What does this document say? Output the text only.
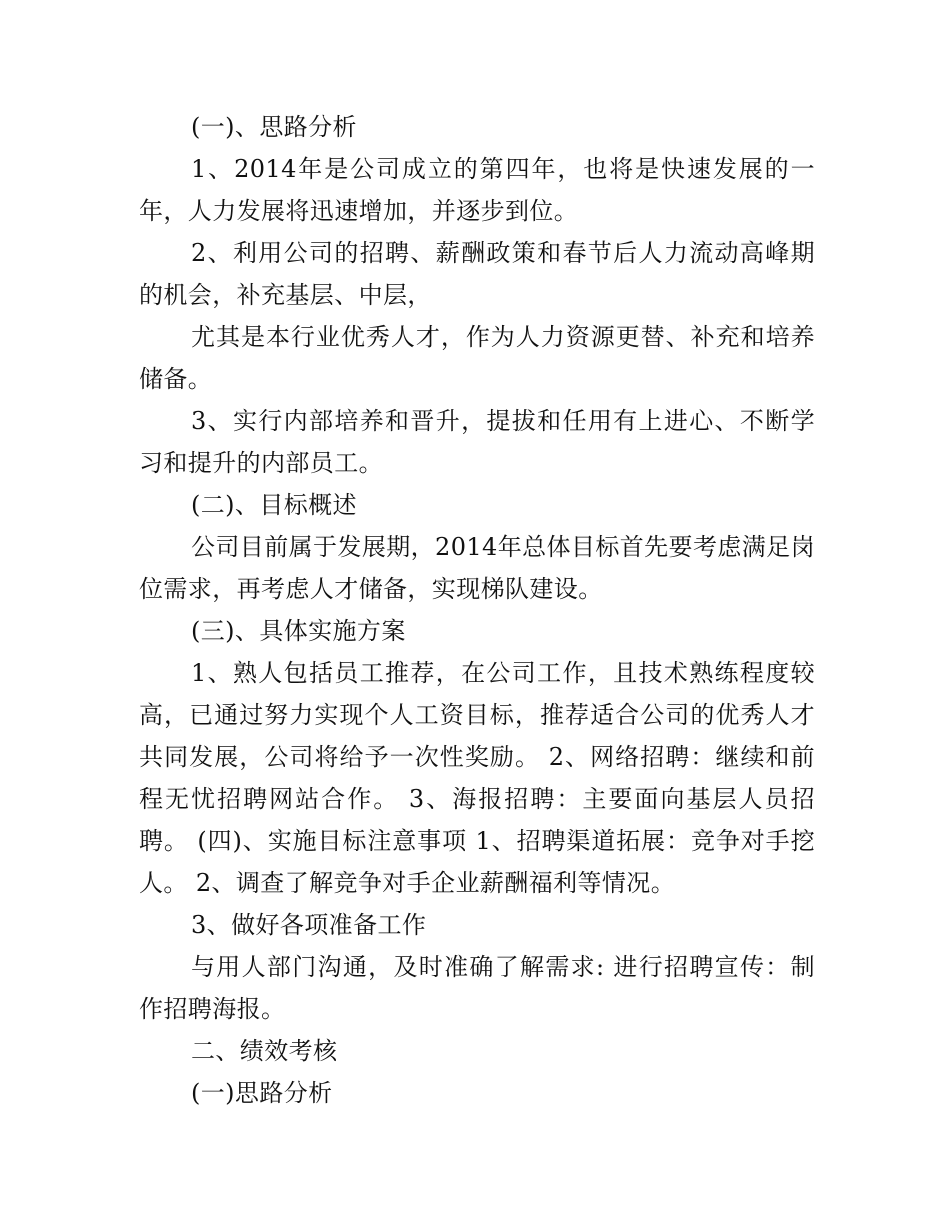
(一)、思路分析

1、2014年是公司成立的第四年，也将是快速发展的一年，人力发展将迅速增加，并逐步到位。

2、利用公司的招聘、薪酬政策和春节后人力流动高峰期的机会，补充基层、中层，

尤其是本行业优秀人才，作为人力资源更替、补充和培养储备。

3、实行内部培养和晋升，提拔和任用有上进心、不断学习和提升的内部员工。

(二)、目标概述

公司目前属于发展期，2014年总体目标首先要考虑满足岗位需求，再考虑人才储备，实现梯队建设。

(三)、具体实施方案

1、熟人包括员工推荐，在公司工作，且技术熟练程度较高，已通过努力实现个人工资目标，推荐适合公司的优秀人才共同发展，公司将给予一次性奖励。 2、网络招聘：继续和前程无忧招聘网站合作。 3、海报招聘：主要面向基层人员招聘。 (四)、实施目标注意事项 1、招聘渠道拓展：竞争对手挖人。 2、调查了解竞争对手企业薪酬福利等情况。

3、做好各项准备工作

与用人部门沟通，及时准确了解需求: 进行招聘宣传：制作招聘海报。

二、绩效考核

(一)思路分析
